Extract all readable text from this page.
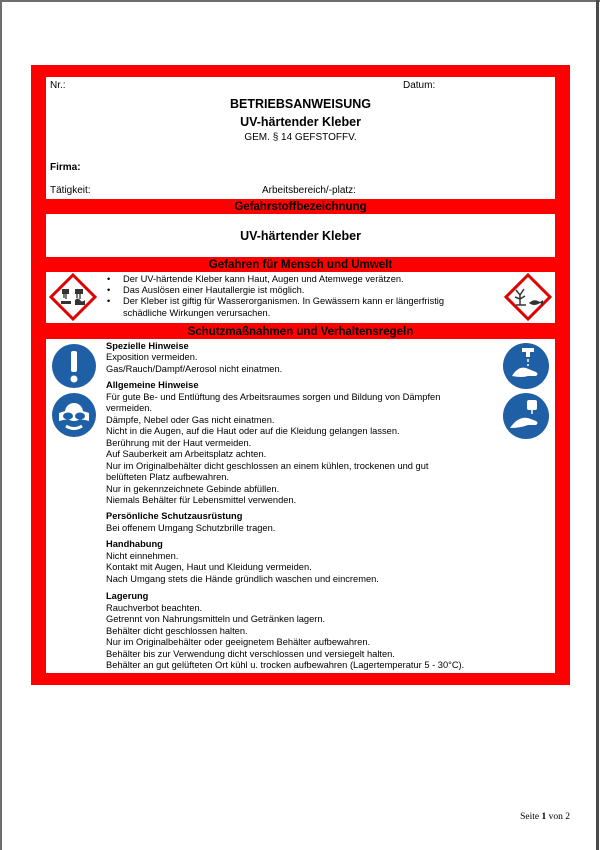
Nr.:	Datum:
BETRIEBSANWEISUNG
UV-härtender Kleber
GEM. § 14 GEFSTOFFV.
Firma:
Tätigkeit:	Arbeitsbereich/-platz:
Gefahrstoffbezeichnung
UV-härtender Kleber
Gefahren für Mensch und Umwelt
• Der UV-härtende Kleber kann Haut, Augen und Atemwege verätzen.
• Das Auslösen einer Hautallergie ist möglich.
• Der Kleber ist giftig für Wasserorganismen. In Gewässern kann er längerfristig
schädliche Wirkungen verursachen.
Schutzmaßnahmen und Verhaltensregeln
Spezielle Hinweise
Exposition vermeiden.
Gas/Rauch/Dampf/Aerosol nicht einatmen.
Allgemeine Hinweise
Für gute Be- und Entlüftung des Arbeitsraumes sorgen und Bildung von Dämpfen
vermeiden.
Dämpfe, Nebel oder Gas nicht einatmen.
Nicht in die Augen, auf die Haut oder auf die Kleidung gelangen lassen.
Berührung mit der Haut vermeiden.
Auf Sauberkeit am Arbeitsplatz achten.
Nur im Originalbehälter dicht geschlossen an einem kühlen, trockenen und gut
belüfteten Platz aufbewahren.
Nur in gekennzeichnete Gebinde abfüllen.
Niemals Behälter für Lebensmittel verwenden.
Persönliche Schutzausrüstung
Bei offenem Umgang Schutzbrille tragen.
Handhabung
Nicht einnehmen.
Kontakt mit Augen, Haut und Kleidung vermeiden.
Nach Umgang stets die Hände gründlich waschen und eincremen.
Lagerung
Rauchverbot beachten.
Getrennt von Nahrungsmitteln und Getränken lagern.
Behälter dicht geschlossen halten.
Nur im Originalbehälter oder geeignetem Behälter aufbewahren.
Behälter bis zur Verwendung dicht verschlossen und versiegelt halten.
Behälter an gut gelüfteten Ort kühl u. trocken aufbewahren (Lagertemperatur 5 - 30°C).
Seite 1 von 2
